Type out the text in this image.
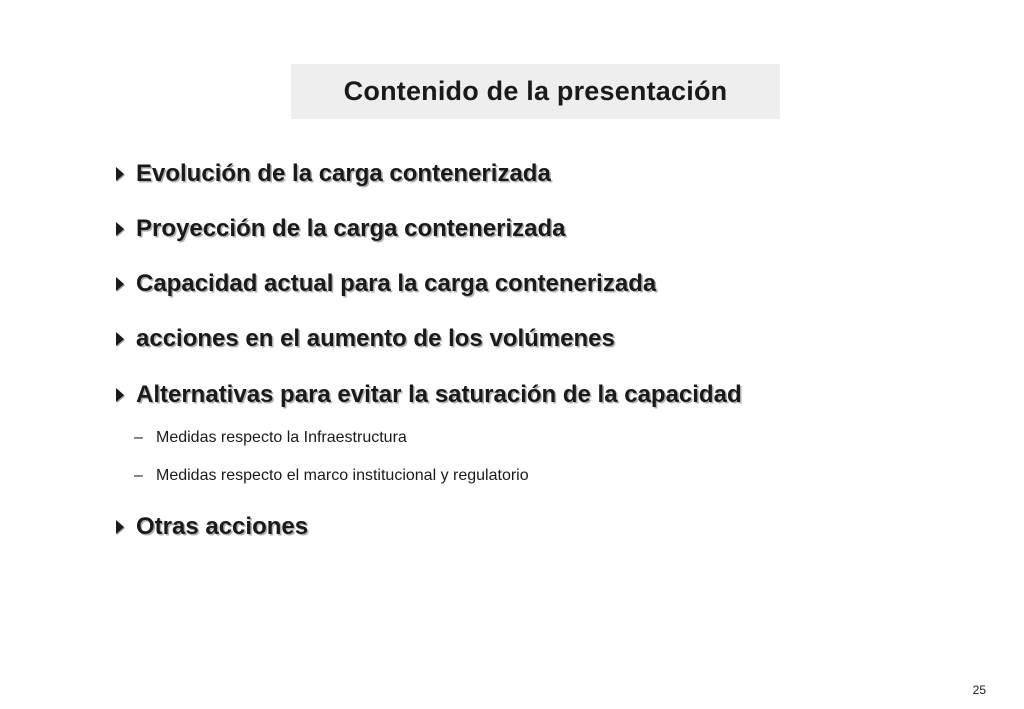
Contenido de la presentación
Evolución de la carga contenerizada
Proyección de la carga contenerizada
Capacidad actual para la carga contenerizada
acciones en el aumento de los volúmenes
Alternativas para evitar la saturación de la capacidad
– Medidas respecto la Infraestructura
– Medidas respecto el marco institucional y regulatorio
Otras acciones
25
